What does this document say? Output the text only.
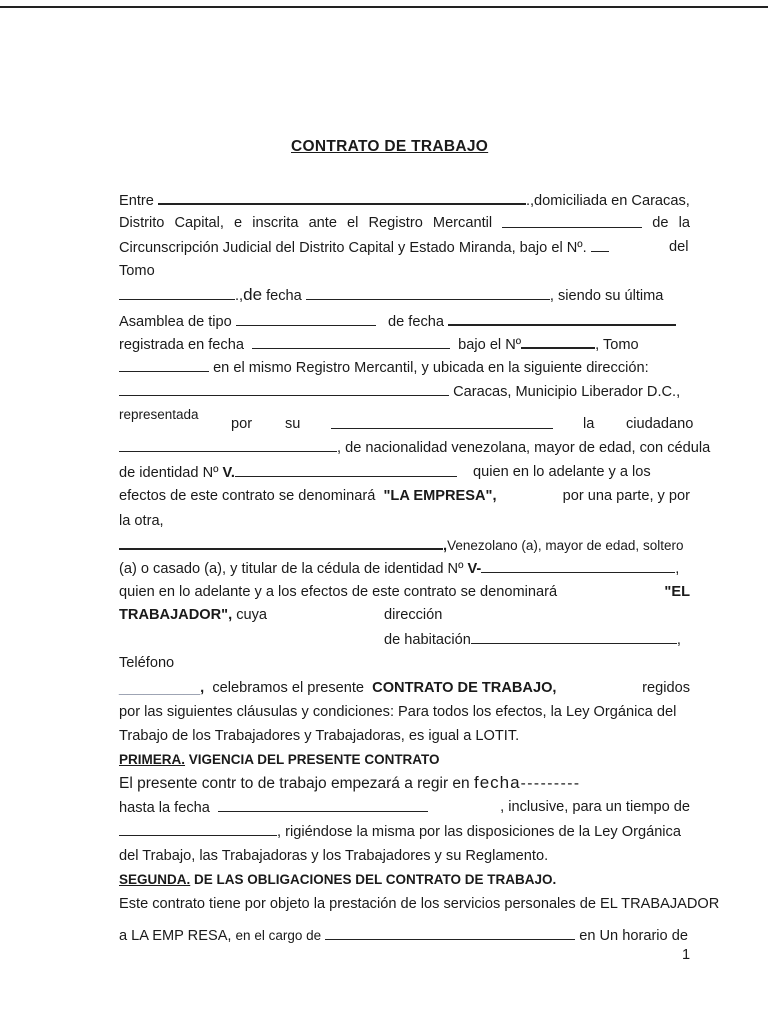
CONTRATO DE TRABAJO
Entre	.,domiciliada en Caracas,
Distrito Capital, e inscrita ante el Registro Mercantil	de la
Circunscripción Judicial del Distrito Capital y Estado Miranda, bajo el Nº.	del
Tomo
.,de fecha	, siendo su última
Asamblea de tipo	de fecha
registrada en fecha	bajo el Nº	, Tomo
en el mismo Registro Mercantil, y ubicada en la siguiente dirección:
Caracas, Municipio Liberador D.C.,
representada
por su	la ciudadano
, de nacionalidad venezolana, mayor de edad, con cédula
de identidad Nº V.	quien en lo adelante y a los
efectos de este contrato se denominará "LA EMPRESA",	por una parte, y por
la otra,
,Venezolano (a), mayor de edad, soltero
(a) o casado (a), y titular de la cédula de identidad Nº V-	,
quien en lo adelante y a los efectos de este contrato se denominará	"EL
TRABAJADOR", cuya	dirección
de habitación	,
Teléfono
__________, celebramos el presente CONTRATO DE TRABAJO,	regidos
por las siguientes cláusulas y condiciones: Para todos los efectos, la Ley Orgánica del
Trabajo de los Trabajadores y Trabajadoras, es igual a LOTIT.
PRIMERA. VIGENCIA DEL PRESENTE CONTRATO
El presente contr to de trabajo empezará a regir en fecha---------
hasta la fecha	, inclusive, para un tiempo de
, rigiéndose la misma por las disposiciones de la Ley Orgánica
del Trabajo, las Trabajadoras y los Trabajadores y su Reglamento.
SEGUNDA. DE LAS OBLIGACIONES DEL CONTRATO DE TRABAJO.
Este contrato tiene por objeto la prestación de los servicios personales de EL TRABAJADOR
a LA EMP RESA, en el cargo de	en Un horario de
1
